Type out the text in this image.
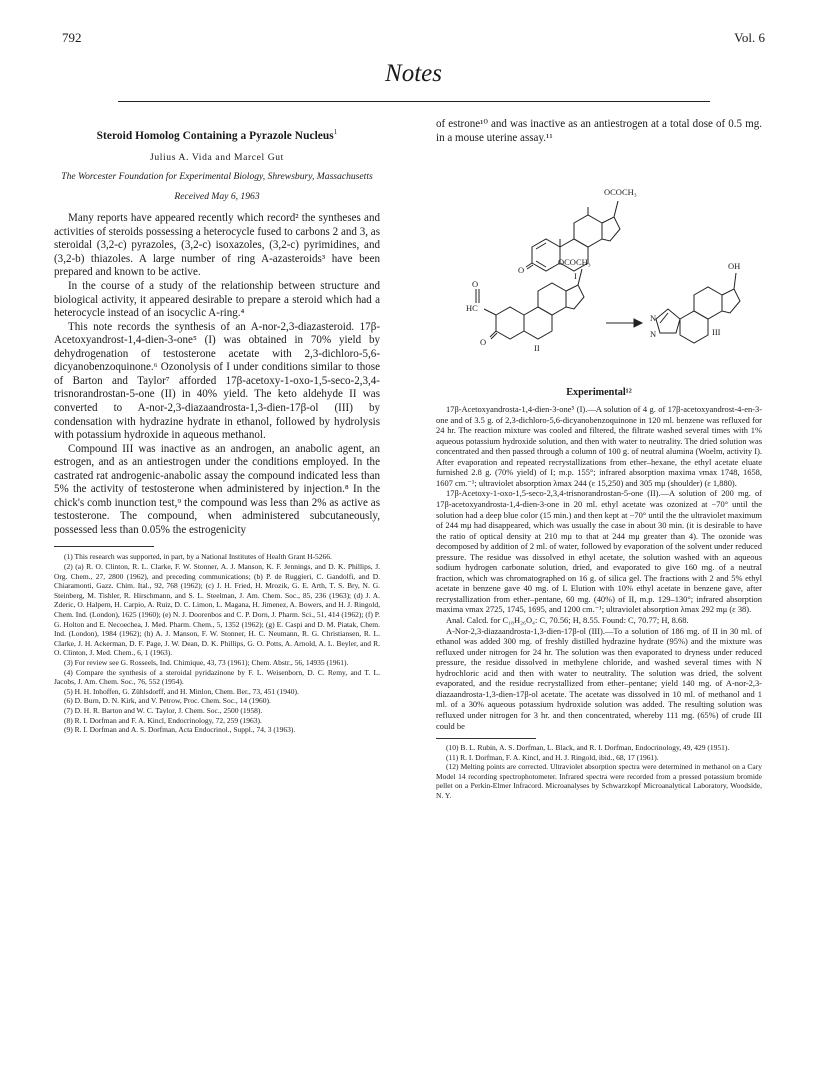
792	Vol. 6
Notes
Steroid Homolog Containing a Pyrazole Nucleus$^1$
Julius A. Vida and Marcel Gut
The Worcester Foundation for Experimental Biology, Shrewsbury, Massachusetts
Received May 6, 1963

Many reports have appeared recently which record² the syntheses and activities of steroids possessing a heterocycle fused to carbons 2 and 3, as steroidal (3,2-c) pyrazoles, (3,2-c) isoxazoles, (3,2-c) pyrimidines, and (3,2-b) thiazoles. A large number of ring A-azasteroids³ have been prepared and known to be active.

In the course of a study of the relationship between structure and biological activity, it appeared desirable to prepare a steroid which had a heterocycle instead of an isocyclic A-ring.⁴

This note records the synthesis of an A-nor-2,3-diazasteroid. 17β-Acetoxyandrost-1,4-dien-3-one⁵ (I) was obtained in 70% yield by dehydrogenation of testosterone acetate with 2,3-dichloro-5,6-dicyanobenzoquinone.⁶ Ozonolysis of I under conditions similar to those of Barton and Taylor⁷ afforded 17β-acetoxy-1-oxo-1,5-seco-2,3,4-trisnorandrostan-5-one (II) in 40% yield. The keto aldehyde II was converted to A-nor-2,3-diazaandrosta-1,3-dien-17β-ol (III) by condensation with hydrazine hydrate in ethanol, followed by hydrolysis with potassium hydroxide in aqueous methanol.

Compound III was inactive as an androgen, an anabolic agent, an estrogen, and as an antiestrogen under the conditions employed. In the castrated rat androgenic-anabolic assay the compound indicated less than 5% the activity of testosterone when administered by injection.⁸ In the chick's comb inunction test,⁹ the compound was less than 2% as active as testosterone. The compound, when administered subcutaneously, possessed less than 0.05% the estrogenicity

(1) This research was supported, in part, by a National Institutes of Health Grant H-5266.

(2) (a) R. O. Clinton, R. L. Clarke, F. W. Stonner, A. J. Manson, K. F. Jennings, and D. K. Phillips, J. Org. Chem., 27, 2800 (1962), and preceding communications; (b) P. de Ruggieri, C. Gandolfi, and D. Chiaramonti, Gazz. Chim. Ital., 92, 768 (1962); (c) J. H. Fried, H. Mrozik, G. E. Arth, T. S. Bry, N. G. Steinberg, M. Tishler, R. Hirschmann, and S. L. Steelman, J. Am. Chem. Soc., 85, 236 (1963); (d) J. A. Zderic, O. Halpern, H. Carpio, A. Ruiz, D. C. Limon, L. Magana, H. Jimenez, A. Bowers, and H. J. Ringold, Chem. Ind. (London), 1625 (1960); (e) N. J. Doorenbos and C. P. Dorn, J. Pharm. Sci., 51, 414 (1962); (f) P. G. Holton and E. Necoechea, J. Med. Pharm. Chem., 5, 1352 (1962); (g) E. Caspi and D. M. Piatak, Chem. Ind. (London), 1984 (1962); (h) A. J. Manson, F. W. Stonner, H. C. Neumann, R. G. Christiansen, R. L. Clarke, J. H. Ackerman, D. F. Page, J. W. Dean, D. K. Phillips, G. O. Potts, A. Arnold, A. L. Beyler, and R. O. Clinton, J. Med. Chem., 6, 1 (1963).

(3) For review see G. Rosseels, Ind. Chimique, 43, 73 (1961); Chem. Abstr., 56, 14935 (1961).

(4) Compare the synthesis of a steroidal pyridazinone by F. L. Weisenborn, D. C. Remy, and T. L. Jacobs, J. Am. Chem. Soc., 76, 552 (1954).

(5) H. H. Inhoffen, G. Zühlsdorff, and H. Minlon, Chem. Ber., 73, 451 (1940).

(6) D. Burn, D. N. Kirk, and V. Petrow, Proc. Chem. Soc., 14 (1960).

(7) D. H. R. Barton and W. C. Taylor, J. Chem. Soc., 2500 (1958).

(8) R. I. Dorfman and F. A. Kincl, Endocrinology, 72, 259 (1963).

(9) R. I. Dorfman and A. S. Dorfman, Acta Endocrinol., Suppl., 74, 3 (1963).

of estrone¹⁰ and was inactive as an antiestrogen at a total dose of 0.5 mg. in a mouse uterine assay.¹¹

OCOCH₃
O
I
OCOCH₃
O
HC
O
II
OH
N
N	III
Experimental¹²

17β-Acetoxyandrosta-1,4-dien-3-one⁵ (I).—A solution of 4 g. of 17β-acetoxyandrost-4-en-3-one and of 3.5 g. of 2,3-dichloro-5,6-dicyanobenzoquinone in 120 ml. benzene was refluxed for 24 hr. The reaction mixture was cooled and filtered, the filtrate washed several times with 1% aqueous potassium hydroxide solution, and then with water to neutrality. The dried solution was concentrated and then passed through a column of 100 g. of neutral alumina (Woelm, activity I). After evaporation and repeated recrystallizations from ether–hexane, the ethyl acetate eluate furnished 2.8 g. (70% yield) of I; m.p. 155°; infrared absorption maxima νmax 1748, 1658, 1607 cm.⁻¹; ultraviolet absorption λmax 244 (ε 15,250) and 305 mμ (shoulder) (ε 1,880).

17β-Acetoxy-1-oxo-1,5-seco-2,3,4-trisnorandrostan-5-one (II).—A solution of 200 mg. of 17β-acetoxyandrosta-1,4-dien-3-one in 20 ml. ethyl acetate was ozonized at −70° until the solution had a deep blue color (15 min.) and then kept at −70° until the the ultraviolet maximum of 244 mμ had disappeared, which was usually the case in about 30 min. (it is desirable to have the ratio of optical density at 210 mμ to that at 244 mμ greater than 4). The ozonide was decomposed by addition of 2 ml. of water, followed by evaporation of the solvent under reduced pressure. The residue was dissolved in ethyl acetate, the solution washed with an aqueous sodium hydrogen carbonate solution, dried, and evaporated to give 160 mg. of a neutral fraction, which was chromatographed on 16 g. of silica gel. The fractions with 2 and 5% ethyl acetate in benzene gave 40 mg. of I. Elution with 10% ethyl acetate in benzene gave, after recrystallization from ether–pentane, 60 mg. (40%) of II, m.p. 129–130°; infrared absorption maxima νmax 2725, 1745, 1695, and 1200 cm.⁻¹; ultraviolet absorption λmax 292 mμ (ε 38).

Anal. Calcd. for C₁₈H₂₆O₄: C, 70.56; H, 8.55. Found: C, 70.77; H, 8.68.

A-Nor-2,3-diazaandrosta-1,3-dien-17β-ol (III).—To a solution of 186 mg. of II in 30 ml. of ethanol was added 300 mg. of freshly distilled hydrazine hydrate (95%) and the mixture was refluxed under nitrogen for 24 hr. The solution was then evaporated to dryness under reduced pressure, the residue dissolved in methylene chloride, and washed several times with N hydrochloric acid and then with water to neutrality. The solution was dried, the solvent evaporated, and the residue recrystallized from ether–pentane; yield 140 mg. of A-nor-2,3-diazaandrosta-1,3-dien-17β-ol acetate. The acetate was dissolved in 10 ml. of methanol and 1 ml. of a 30% aqueous potassium hydroxide solution was added. The resulting solution was refluxed under nitrogen for 3 hr. and then concentrated, whereby 111 mg. (65%) of crude III could be

(10) B. L. Rubin, A. S. Dorfman, L. Black, and R. I. Dorfman, Endocrinology, 49, 429 (1951).

(11) R. I. Dorfman, F. A. Kincl, and H. J. Ringold, ibid., 68, 17 (1961).

(12) Melting points are corrected. Ultraviolet absorption spectra were determined in methanol on a Cary Model 14 recording spectrophotometer. Infrared spectra were recorded from a pressed potassium bromide pellet on a Perkin-Elmer Infracord. Microanalyses by Schwarzkopf Microanalytical Laboratory, Woodside, N. Y.
